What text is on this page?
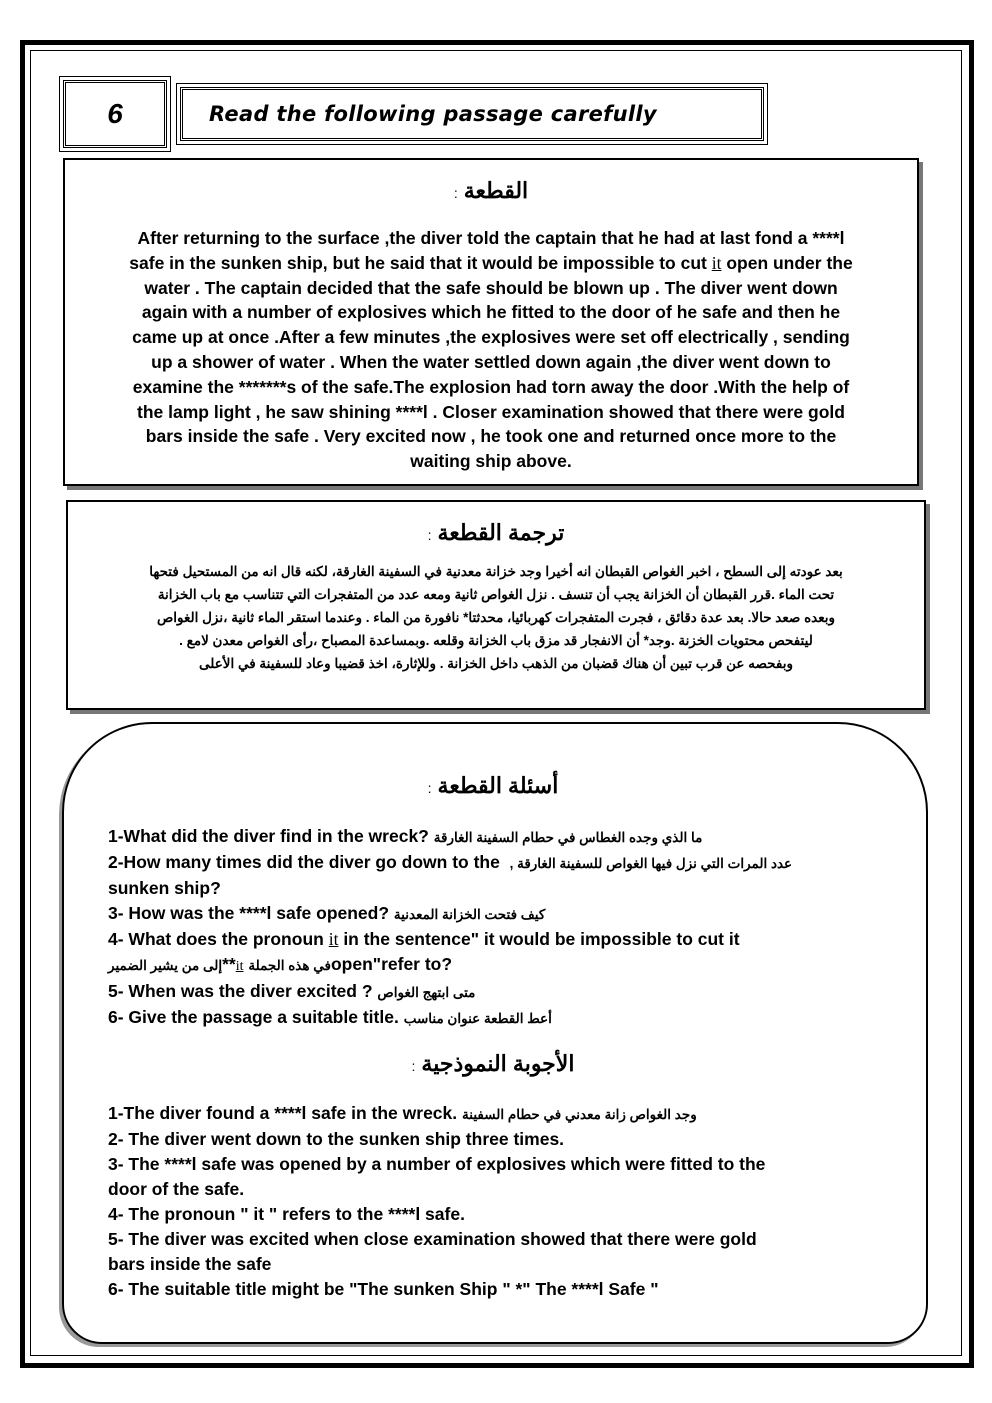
6	Read the following passage carefully
القطعة:
After returning to the surface ,the diver told the captain that he had at last fond a ****l
safe in the sunken ship, but he said that it would be impossible to cut it open under the
water . The captain decided that the safe should be blown up . The diver went down
again with a number of explosives which he fitted to the door of he safe and then he
came up at once .After a few minutes ,the explosives were set off electrically , sending
up a shower of water . When the water settled down again ,the diver went down to
examine the *******s of the safe.The explosion had torn away the door .With the help of
the lamp light , he saw shining ****l . Closer examination showed that there were gold
bars inside the safe . Very excited now , he took one and returned once more to the
waiting ship above.
ترجمة القطعة:
بعد عودته إلى السطح ، اخبر الغواص القبطان انه أخيرا وجد خزانة معدنية في السفينة الغارقة، لكنه قال انه من المستحيل فتحها
تحت الماء .قرر القبطان أن الخزانة يجب أن تنسف . نزل الغواص ثانية ومعه عدد من المتفجرات التي تتناسب مع باب الخزانة
وبعده صعد حالا. بعد عدة دقائق ، فجرت المتفجرات كهربائيا، محدثتا* نافورة من الماء . وعندما استقر الماء ثانية ،نزل الغواص
ليتفحص محتويات الخزنة .وجد* أن الانفجار قد مزق باب الخزانة وقلعه .وبمساعدة المصباح ،رأى الغواص معدن لامع .
وبفحصه عن قرب تبين أن هناك قضبان من الذهب داخل الخزانة . وللإثارة، اخذ قضيبا وعاد للسفينة في الأعلى
أسئلة القطعة:
1-What did the diver find in the wreck? ما الذي وجده الغطاس في حطام السفينة الغارقة
2-How many times did the diver go down to the عدد المرات التي نزل فيها الغواص للسفينة الغارقة ,
sunken ship?
3- How was the ****l safe opened? كيف فتحت الخزانة المعدنية
4- What does the pronoun it in the sentence" it would be impossible to cut it
إلى من يشير الضمير**it في هذه الجملةopen"refer to?
5- When was the diver excited ? متى ابتهج الغواص
6- Give the passage a suitable title. أعط القطعة عنوان مناسب
الأجوبة النموذجية:
1-The diver found a ****l safe in the wreck. وجد الغواص زانة معدني في حطام السفينة
2- The diver went down to the sunken ship three times.
3- The ****l safe was opened by a number of explosives which were fitted to the
door of the safe.
4- The pronoun " it " refers to the ****l safe.
5- The diver was excited when close examination showed that there were gold
bars inside the safe
6- The suitable title might be "The sunken Ship " *" The ****l Safe "
